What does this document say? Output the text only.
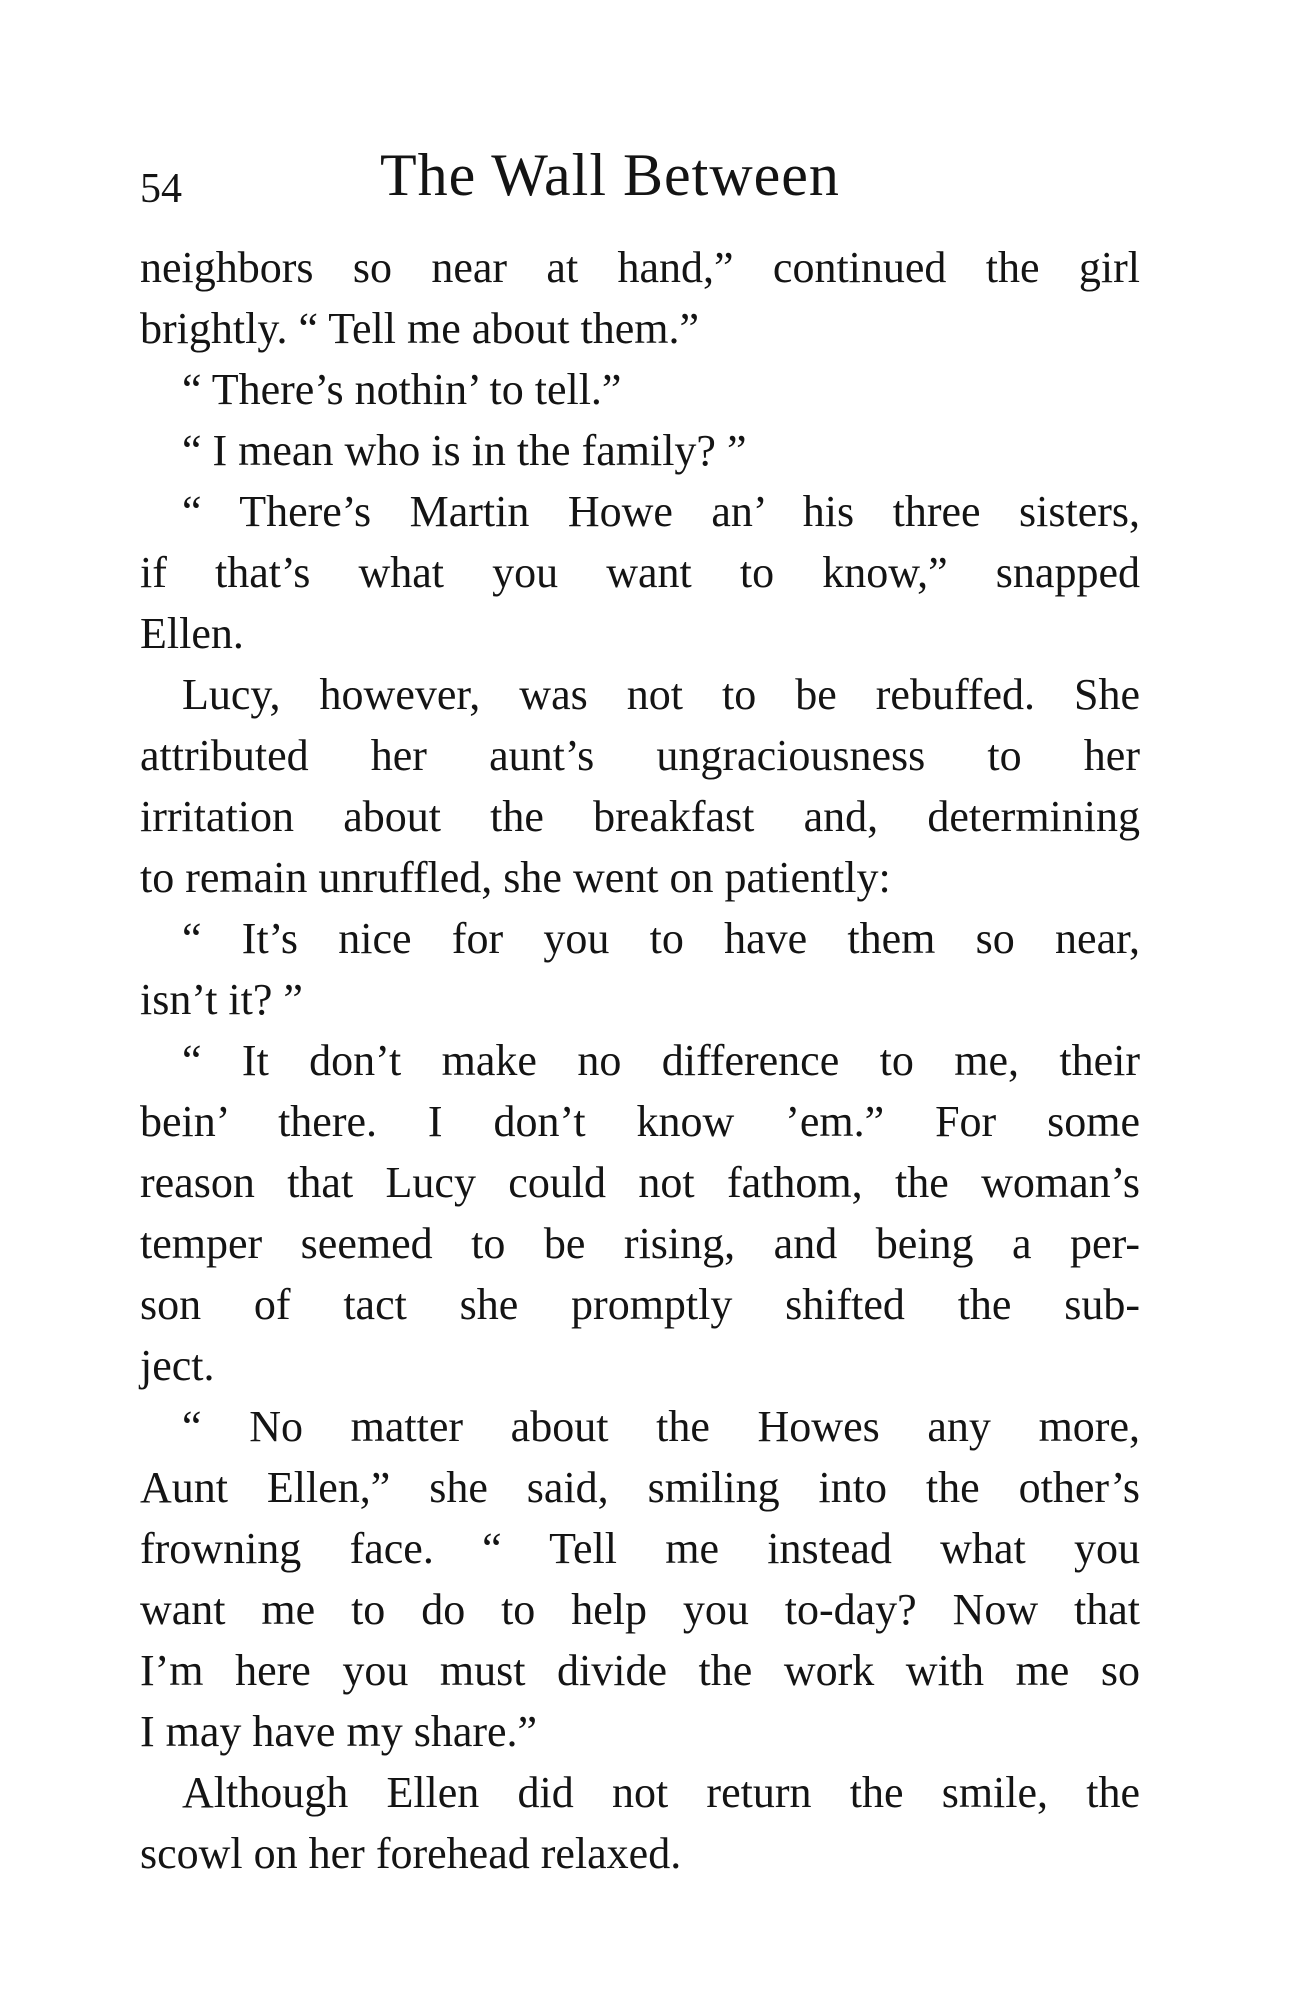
54	The Wall Between
neighbors so near at hand,” continued the girl
brightly. “ Tell me about them.”
“ There’s nothin’ to tell.”
“ I mean who is in the family? ”
“ There’s Martin Howe an’ his three sisters,
if that’s what you want to know,” snapped
Ellen.
Lucy, however, was not to be rebuffed. She
attributed her aunt’s ungraciousness to her
irritation about the breakfast and, determining
to remain unruffled, she went on patiently:
“ It’s nice for you to have them so near,
isn’t it? ”
“ It don’t make no difference to me, their
bein’ there. I don’t know ’em.” For some
reason that Lucy could not fathom, the woman’s
temper seemed to be rising, and being a per-
son of tact she promptly shifted the sub-
ject.
“ No matter about the Howes any more,
Aunt Ellen,” she said, smiling into the other’s
frowning face. “ Tell me instead what you
want me to do to help you to-day? Now that
I’m here you must divide the work with me so
I may have my share.”
Although Ellen did not return the smile, the
scowl on her forehead relaxed.
